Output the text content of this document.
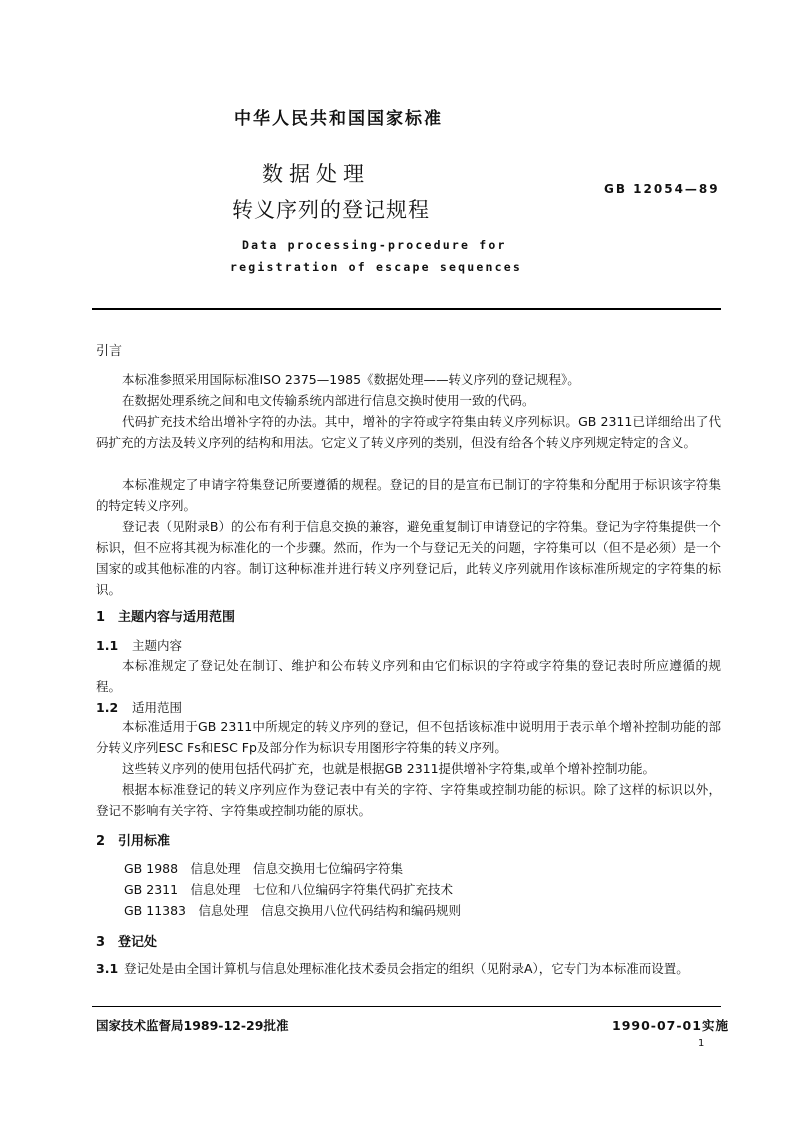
中华人民共和国国家标准
数据处理
转义序列的登记规程
GB 12054—89
Data processing-procedure for
registration of escape sequences
引言

本标准参照采用国际标准ISO 2375—1985《数据处理——转义序列的登记规程》。

在数据处理系统之间和电文传输系统内部进行信息交换时使用一致的代码。

代码扩充技术给出增补字符的办法。其中，增补的字符或字符集由转义序列标识。GB 2311已详细给出了代码扩充的方法及转义序列的结构和用法。它定义了转义序列的类别，但没有给各个转义序列规定特定的含义。

本标准规定了申请字符集登记所要遵循的规程。登记的目的是宣布已制订的字符集和分配用于标识该字符集的特定转义序列。

登记表（见附录B）的公布有利于信息交换的兼容，避免重复制订申请登记的字符集。登记为字符集提供一个标识，但不应将其视为标准化的一个步骤。然而，作为一个与登记无关的问题，字符集可以（但不是必须）是一个国家的或其他标准的内容。制订这种标准并进行转义序列登记后，此转义序列就用作该标准所规定的字符集的标识。

1　主题内容与适用范围
1.1 主题内容

本标准规定了登记处在制订、维护和公布转义序列和由它们标识的字符或字符集的登记表时所应遵循的规程。

1.2 适用范围

本标准适用于GB 2311中所规定的转义序列的登记，但不包括该标准中说明用于表示单个增补控制功能的部分转义序列ESC Fs和ESC Fp及部分作为标识专用图形字符集的转义序列。

这些转义序列的使用包括代码扩充，也就是根据GB 2311提供增补字符集,或单个增补控制功能。

根据本标准登记的转义序列应作为登记表中有关的字符、字符集或控制功能的标识。除了这样的标识以外，登记不影响有关字符、字符集或控制功能的原状。

2　引用标准
GB 1988　信息处理　信息交换用七位编码字符集
GB 2311　信息处理　七位和八位编码字符集代码扩充技术
GB 11383　信息处理　信息交换用八位代码结构和编码规则
3　登记处

3.1 登记处是由全国计算机与信息处理标准化技术委员会指定的组织（见附录A），它专门为本标准而设置。

国家技术监督局1989-12-29批准	1990-07-01实施
1
